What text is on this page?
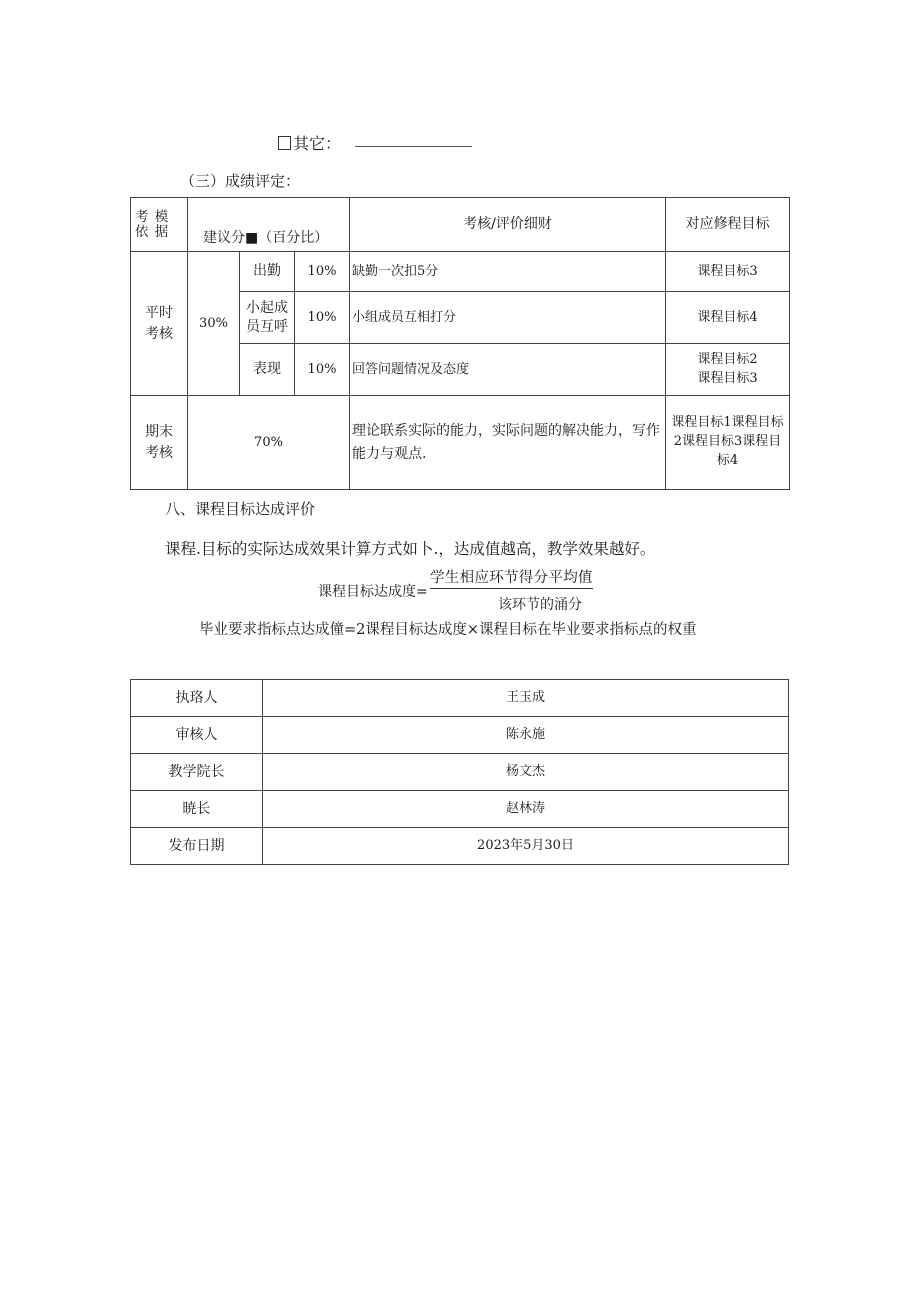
其它：
（三）成绩评定：
考 模
依 据	建议分■（百分比）			考核/评价细财	对应修程目标

平时考核	30%	出勤	10%	缺勤一次扣5分	课程目标3

		小起成员互呼	10%	小组成员互相打分	课程目标4
		表现	10%	回答问题情况及态度	课程目标2课程目标3

期末考核	70%			理论联系实际的能力，实际问题的解决能力，写作能力与观点.	课程目标1课程目标2课程目标3课程目标4
八、课程目标达成评价
课程.目标的实际达成效果计算方式如卜.，达成值越高，教学效果越好。
课程目标达成度=
学生相应环节得分平均值
该环节的涌分
毕业要求指标点达成僮=2课程目标达成度×课程目标在毕业要求指标点的权重
执珞人	王玉成
审核人	陈永施
教学院长	杨文杰
暁长	赵林涛
发布日期	2023年5月30日
